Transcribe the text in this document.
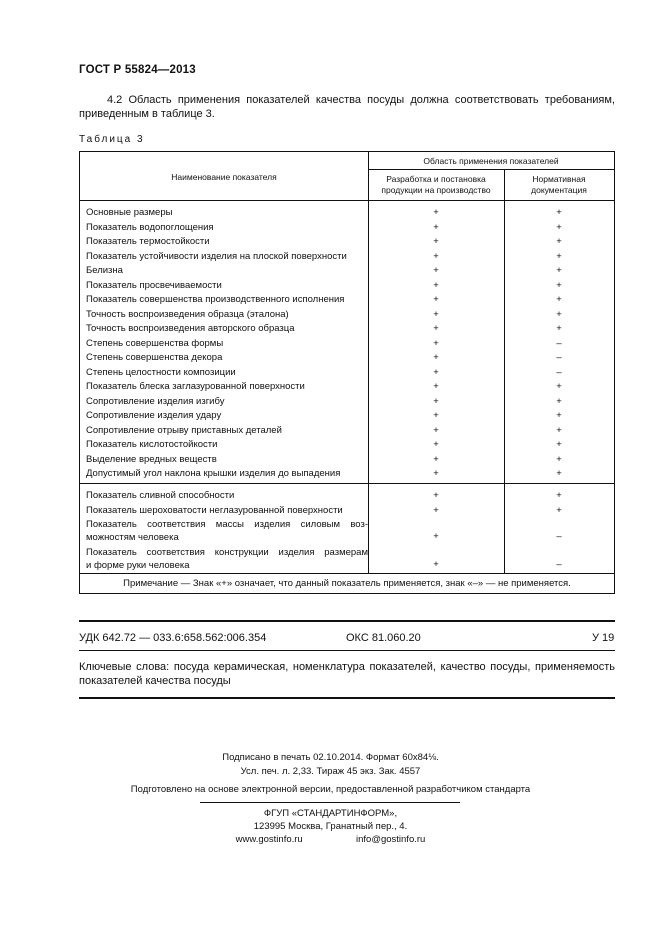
ГОСТ Р 55824—2013
4.2 Область применения показателей качества посуды должна соответствовать требованиям,
приведенным в таблице 3.
Таблица 3
Наименование показателя
Область применения показателей
Разработка и постановка
продукции на производство
Нормативная
документация
Основные размеры	+	+
Показатель водопоглощения	+	+
Показатель термостойкости	+	+
Показатель устойчивости изделия на плоской поверхности	+	+
Белизна	+	+
Показатель просвечиваемости	+	+
Показатель совершенства производственного исполнения	+	+
Точность воспроизведения образца (эталона)	+	+
Точность воспроизведения авторского образца	+	+
Степень совершенства формы	+	–
Степень совершенства декора	+	–
Степень целостности композиции	+	–
Показатель блеска заглазурованной поверхности	+	+
Сопротивление изделия изгибу	+	+
Сопротивление изделия удару	+	+
Сопротивление отрыву приставных деталей	+	+
Показатель кислотостойкости	+	+
Выделение вредных веществ	+	+
Допустимый угол наклона крышки изделия до выпадения	+	+
Показатель сливной способности	+	+
Показатель шероховатости неглазурованной поверхности	+	+
Показатель соответствия массы изделия силовым воз-
можностям человека	+	–
Показатель соответствия конструкции изделия размерам
и форме руки человека	+	–
Примечание — Знак «+» означает, что данный показатель применяется, знак «–» — не применяется.
УДК 642.72 — 033.6:658.562:006.354	ОКС 81.060.20	У 19
Ключевые слова: посуда керамическая, номенклатура показателей, качество посуды, применяемость
показателей качества посуды
Подписано в печать 02.10.2014. Формат 60x84⅛.
Усл. печ. л. 2,33. Тираж 45 экз. Зак. 4557
Подготовлено на основе электронной версии, предоставленной разработчиком стандарта
ФГУП «СТАНДАРТИНФОРМ»,
123995 Москва, Гранатный пер., 4.
www.gostinfo.ru	info@gostinfo.ru
